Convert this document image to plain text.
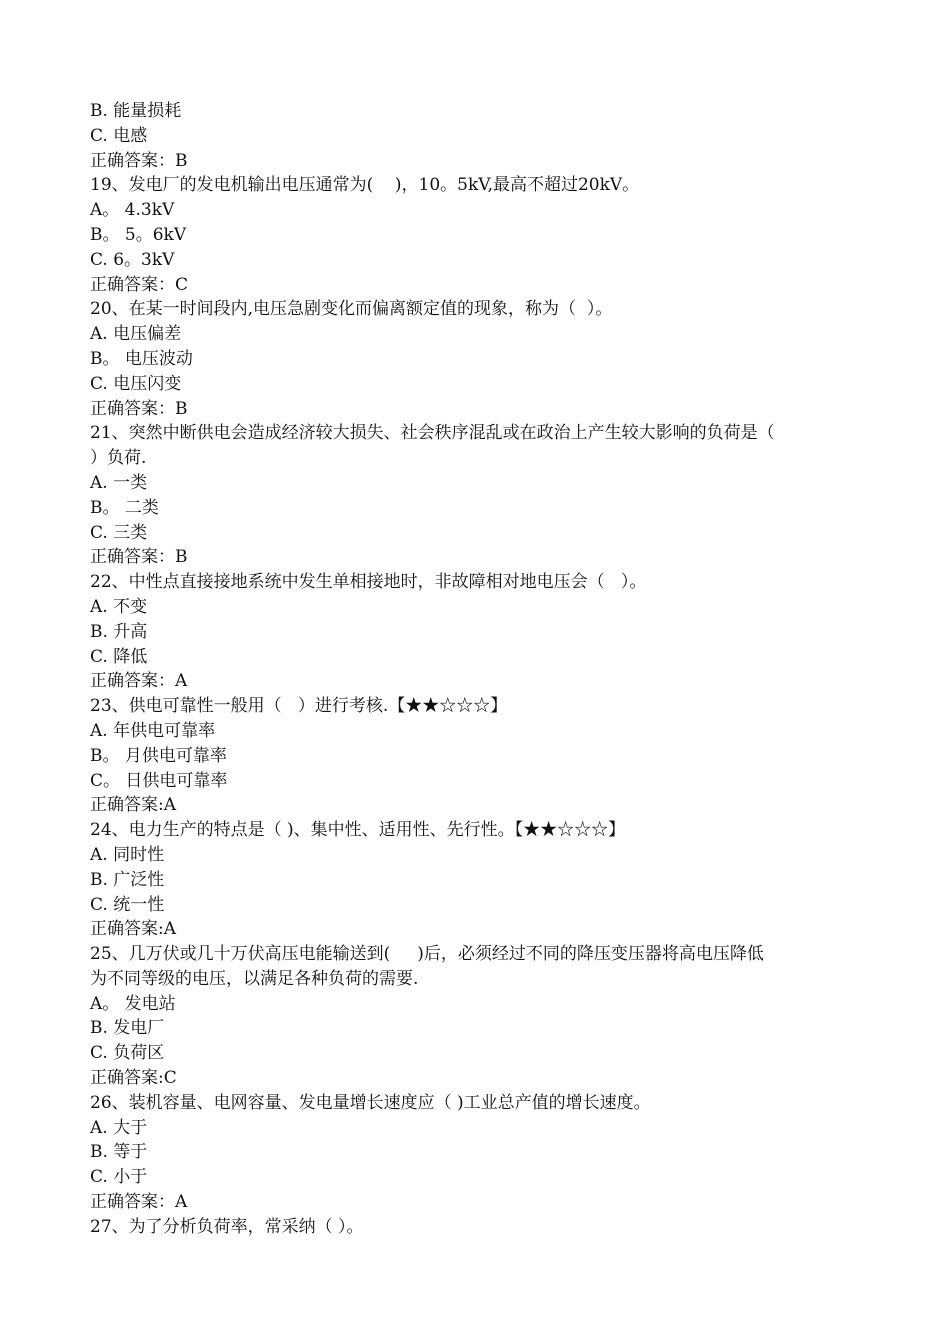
B. 能量损耗
C. 电感
正确答案：B
19、发电厂的发电机输出电压通常为(    )，10。5kV,最高不超过20kV。
A。 4.3kV
B。 5。6kV
C. 6。3kV
正确答案：C
20、在某一时间段内,电压急剧变化而偏离额定值的现象，称为（  ）。
A. 电压偏差
B。 电压波动
C. 电压闪变
正确答案：B
21、突然中断供电会造成经济较大损失、社会秩序混乱或在政治上产生较大影响的负荷是（
）负荷.
A. 一类
B。 二类
C. 三类
正确答案：B
22、中性点直接接地系统中发生单相接地时，非故障相对地电压会（   ）。
A. 不变
B. 升高
C. 降低
正确答案：A
23、供电可靠性一般用（   ）进行考核.【★★☆☆☆】
A. 年供电可靠率
B。 月供电可靠率
C。 日供电可靠率
正确答案:A
24、电力生产的特点是（ )、集中性、适用性、先行性。【★★☆☆☆】
A. 同时性
B. 广泛性
C. 统一性
正确答案:A
25、几万伏或几十万伏高压电能输送到(     )后，必须经过不同的降压变压器将高电压降低
为不同等级的电压，以满足各种负荷的需要.
A。 发电站
B. 发电厂
C. 负荷区
正确答案:C
26、装机容量、电网容量、发电量增长速度应（ )工业总产值的增长速度。
A. 大于
B. 等于
C. 小于
正确答案：A
27、为了分析负荷率，常采纳（ ）。
